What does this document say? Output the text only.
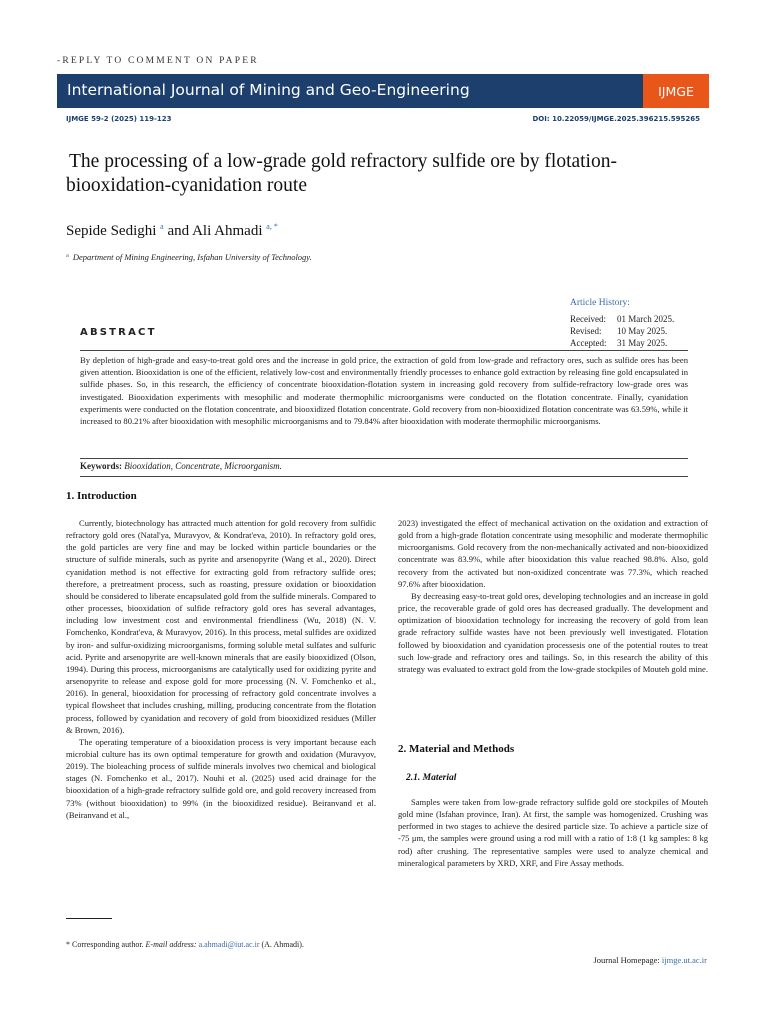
-REPLY TO COMMENT ON PAPER
International Journal of Mining and Geo-Engineering	IJMGE
IJMGE 59-2 (2025) 119-123	DOI: 10.22059/IJMGE.2025.396215.595265
The processing of a low-grade gold refractory sulfide ore by flotation-
biooxidation-cyanidation route
Sepide Sedighi $^a$ and Ali Ahmadi $^{a, *}$
$^a$ Department of Mining Engineering, Isfahan University of Technology.
Article History:
Received: 01 March 2025.
Revised: 10 May 2025.
Accepted: 31 May 2025.
ABSTRACT
By depletion of high-grade and easy-to-treat gold ores and the increase in gold price, the extraction of gold from low-grade and refractory ores, such as sulfide ores has been given attention. Biooxidation is one of the efficient, relatively low-cost and environmentally friendly processes to enhance gold extraction by releasing fine gold encapsulated in sulfide phases. So, in this research, the efficiency of concentrate biooxidation-flotation system in increasing gold recovery from sulfide-refractory low-grade ores was investigated. Biooxidation experiments with mesophilic and moderate thermophilic microorganisms were conducted on the flotation concentrate. Finally, cyanidation experiments were conducted on the flotation concentrate, and biooxidized flotation concentrate. Gold recovery from non-biooxidized flotation concentrate was 63.59%, while it increased to 80.21% after biooxidation with mesophilic microorganisms and to 79.84% after biooxidation with moderate thermophilic microorganisms.
Keywords: Biooxidation, Concentrate, Microorganism.
1. Introduction

Currently, biotechnology has attracted much attention for gold recovery from sulfidic refractory gold ores (Natal'ya, Muravyov, & Kondrat'eva, 2010). In refractory gold ores, the gold particles are very fine and may be locked within particle boundaries or the structure of sulfide minerals, such as pyrite and arsenopyrite (Wang et al., 2020). Direct cyanidation method is not effective for extracting gold from refractory sulfide ores; therefore, a pretreatment process, such as roasting, pressure oxidation or biooxidation should be considered to liberate encapsulated gold from the sulfide minerals. Compared to other processes, biooxidation of sulfide refractory gold ores has several advantages, including low investment cost and environmental friendliness (Wu, 2018) (N. V. Fomchenko, Kondrat'eva, & Muravyov, 2016). In this process, metal sulfides are oxidized by iron- and sulfur-oxidizing microorganisms, forming soluble metal sulfates and sulfuric acid. Pyrite and arsenopyrite are well-known minerals that are easily biooxidized (Olson, 1994). During this process, microorganisms are catalytically used for oxidizing pyrite and arsenopyrite to release and expose gold for more processing (N. V. Fomchenko et al., 2016). In general, biooxidation for processing of refractory gold concentrate involves a typical flowsheet that includes crushing, milling, producing concentrate from the flotation process, followed by cyanidation and recovery of gold from biooxidized residues (Miller & Brown, 2016).

The operating temperature of a biooxidation process is very important because each microbial culture has its own optimal temperature for growth and oxidation (Muravyov, 2019). The bioleaching process of sulfide minerals involves two chemical and biological stages (N. Fomchenko et al., 2017). Nouhi et al. (2025) used acid drainage for the biooxidation of a high-grade refractory sulfide gold ore, and gold recovery increased from 73% (without biooxidation) to 99% (in the biooxidized residue). Beiranvand et al. (Beiranvand et al.,

2023) investigated the effect of mechanical activation on the oxidation and extraction of gold from a high-grade flotation concentrate using mesophilic and moderate thermophilic microorganisms. Gold recovery from the non-mechanically activated and non-biooxidized concentrate was 83.9%, while after biooxidation this value reached 98.8%. Also, gold recovery from the activated but non-oxidized concentrate was 77.3%, which reached 97.6% after biooxidation.

By decreasing easy-to-treat gold ores, developing technologies and an increase in gold price, the recoverable grade of gold ores has decreased gradually. The development and optimization of biooxidation technology for increasing the recovery of gold from lean grade refractory sulfide wastes have not been previously well investigated. Flotation followed by biooxidation and cyanidation processesis one of the potential routes to treat such low-grade and refractory ores and tailings. So, in this research the ability of this strategy was evaluated to extract gold from the low-grade stockpiles of Mouteh gold mine.

2. Material and Methods
2.1. Material

Samples were taken from low-grade refractory sulfide gold ore stockpiles of Mouteh gold mine (Isfahan province, Iran). At first, the sample was homogenized. Crushing was performed in two stages to achieve the desired particle size. To achieve a particle size of -75 μm, the samples were ground using a rod mill with a ratio of 1:8 (1 kg samples: 8 kg rod) after crushing. The representative samples were used to analyze chemical and mineralogical parameters by XRD, XRF, and Fire Assay methods.

* Corresponding author. E-mail address: a.ahmadi@iut.ac.ir (A. Ahmadi).
Journal Homepage: ijmge.ut.ac.ir
